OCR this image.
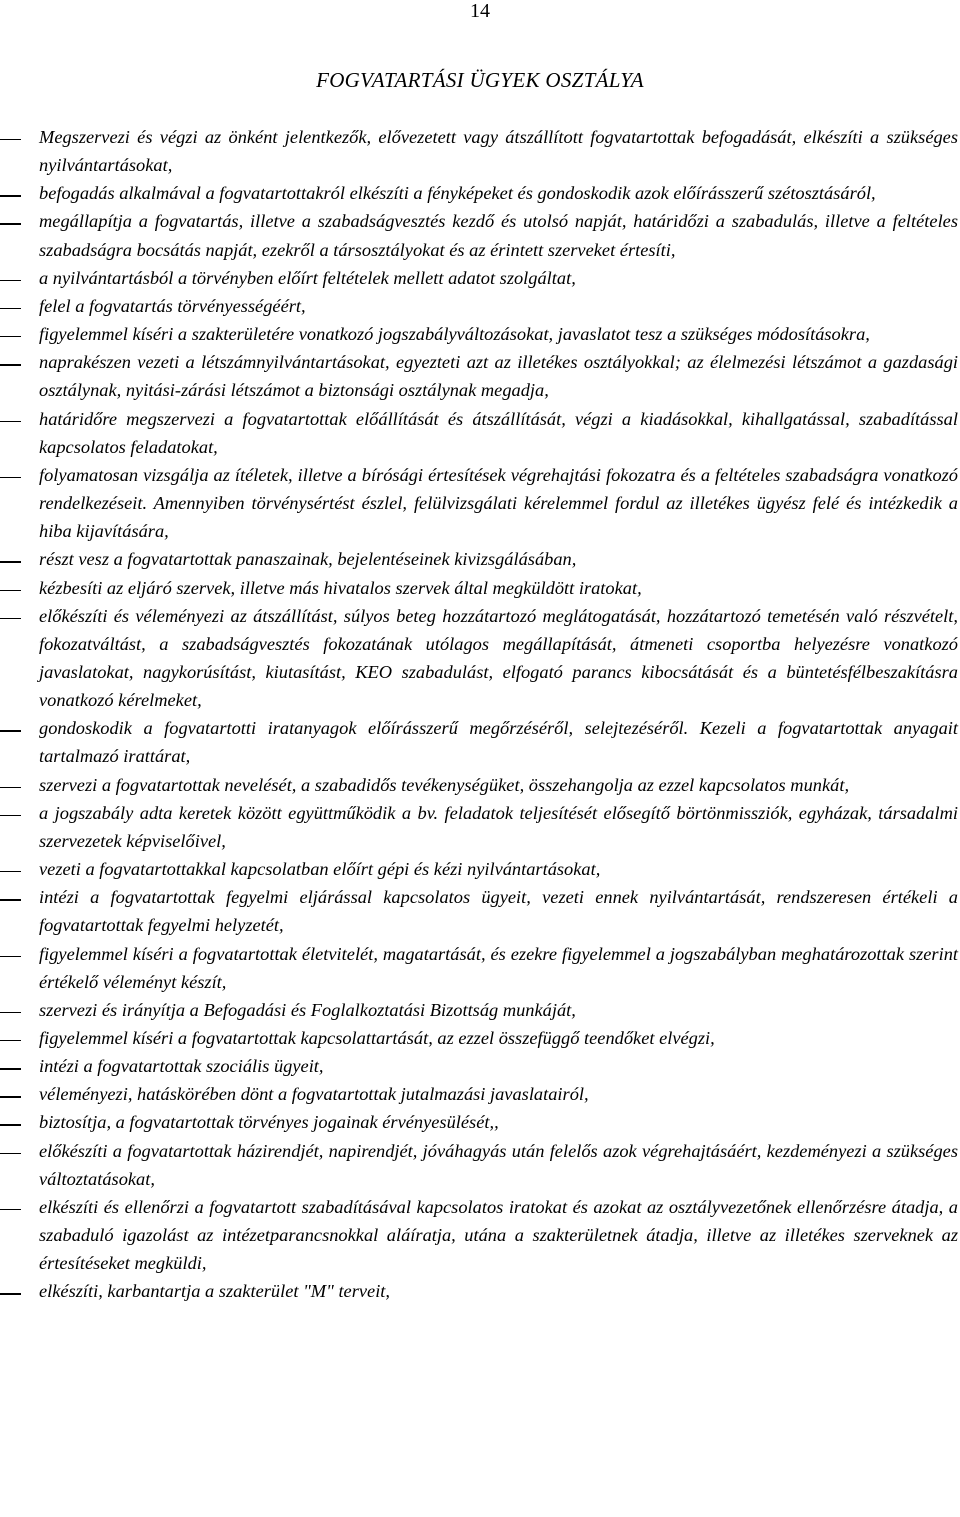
14
FOGVATARTÁSI ÜGYEK OSZTÁLYA
Megszervezi és végzi az önként jelentkezők, elővezetett vagy átszállított fogvatartottak befogadását, elkészíti a szükséges nyilvántartásokat,
befogadás alkalmával a fogvatartottakról elkészíti a fényképeket és gondoskodik azok előírásszerű szétosztásáról,
megállapítja a fogvatartás, illetve a szabadságvesztés kezdő és utolsó napját, határidőzi a szabadulás, illetve a feltételes szabadságra bocsátás napját, ezekről a társosztályokat és az érintett szerveket értesíti,
a nyilvántartásból a törvényben előírt feltételek mellett adatot szolgáltat,
felel a fogvatartás törvényességéért,
figyelemmel kíséri a szakterületére vonatkozó jogszabályváltozásokat, javaslatot tesz a szükséges módosításokra,
naprakészen vezeti a létszámnyilvántartásokat, egyezteti azt az illetékes osztályokkal; az élelmezési létszámot a gazdasági osztálynak, nyitási-zárási létszámot a biztonsági osztálynak megadja,
határidőre megszervezi a fogvatartottak előállítását és átszállítását, végzi a kiadásokkal, kihallgatással, szabadítással kapcsolatos feladatokat,
folyamatosan vizsgálja az ítéletek, illetve a bírósági értesítések végrehajtási fokozatra és a feltételes szabadságra vonatkozó rendelkezéseit. Amennyiben törvénysértést észlel, felülvizsgálati kérelemmel fordul az illetékes ügyész felé és intézkedik a hiba kijavítására,
részt vesz a fogvatartottak panaszainak, bejelentéseinek kivizsgálásában,
kézbesíti az eljáró szervek, illetve más hivatalos szervek által megküldött iratokat,
előkészíti és véleményezi az átszállítást, súlyos beteg hozzátartozó meglátogatását, hozzátartozó temetésén való részvételt, fokozatváltást, a szabadságvesztés fokozatának utólagos megállapítását, átmeneti csoportba helyezésre vonatkozó javaslatokat, nagykorúsítást, kiutasítást, KEO szabadulást, elfogató parancs kibocsátását és a büntetésfélbeszakításra vonatkozó kérelmeket,
gondoskodik a fogvatartotti iratanyagok előírásszerű megőrzéséről, selejtezéséről. Kezeli a fogvatartottak anyagait tartalmazó irattárat,
szervezi a fogvatartottak nevelését, a szabadidős tevékenységüket, összehangolja az ezzel kapcsolatos munkát,
a jogszabály adta keretek között együttműködik a bv. feladatok teljesítését elősegítő börtönmissziók, egyházak, társadalmi szervezetek képviselőivel,
vezeti a fogvatartottakkal kapcsolatban előírt gépi és kézi nyilvántartásokat,
intézi a fogvatartottak fegyelmi eljárással kapcsolatos ügyeit, vezeti ennek nyilvántartását, rendszeresen értékeli a fogvatartottak fegyelmi helyzetét,
figyelemmel kíséri a fogvatartottak életvitelét, magatartását, és ezekre figyelemmel a jogszabályban meghatározottak szerint értékelő véleményt készít,
szervezi és irányítja a Befogadási és Foglalkoztatási Bizottság munkáját,
figyelemmel kíséri a fogvatartottak kapcsolattartását, az ezzel összefüggő teendőket elvégzi,
intézi a fogvatartottak szociális ügyeit,
véleményezi, hatáskörében dönt a fogvatartottak jutalmazási javaslatairól,
biztosítja, a fogvatartottak törvényes jogainak érvényesülését,,
előkészíti a fogvatartottak házirendjét, napirendjét, jóváhagyás után felelős azok végrehajtásáért, kezdeményezi a szükséges változtatásokat,
elkészíti és ellenőrzi a fogvatartott szabadításával kapcsolatos iratokat és azokat az osztályvezetőnek ellenőrzésre átadja, a szabaduló igazolást az intézetparancsnokkal aláíratja, utána a szakterületnek átadja, illetve az illetékes szerveknek az értesítéseket megküldi,
elkészíti, karbantartja a szakterület "M" terveit,
